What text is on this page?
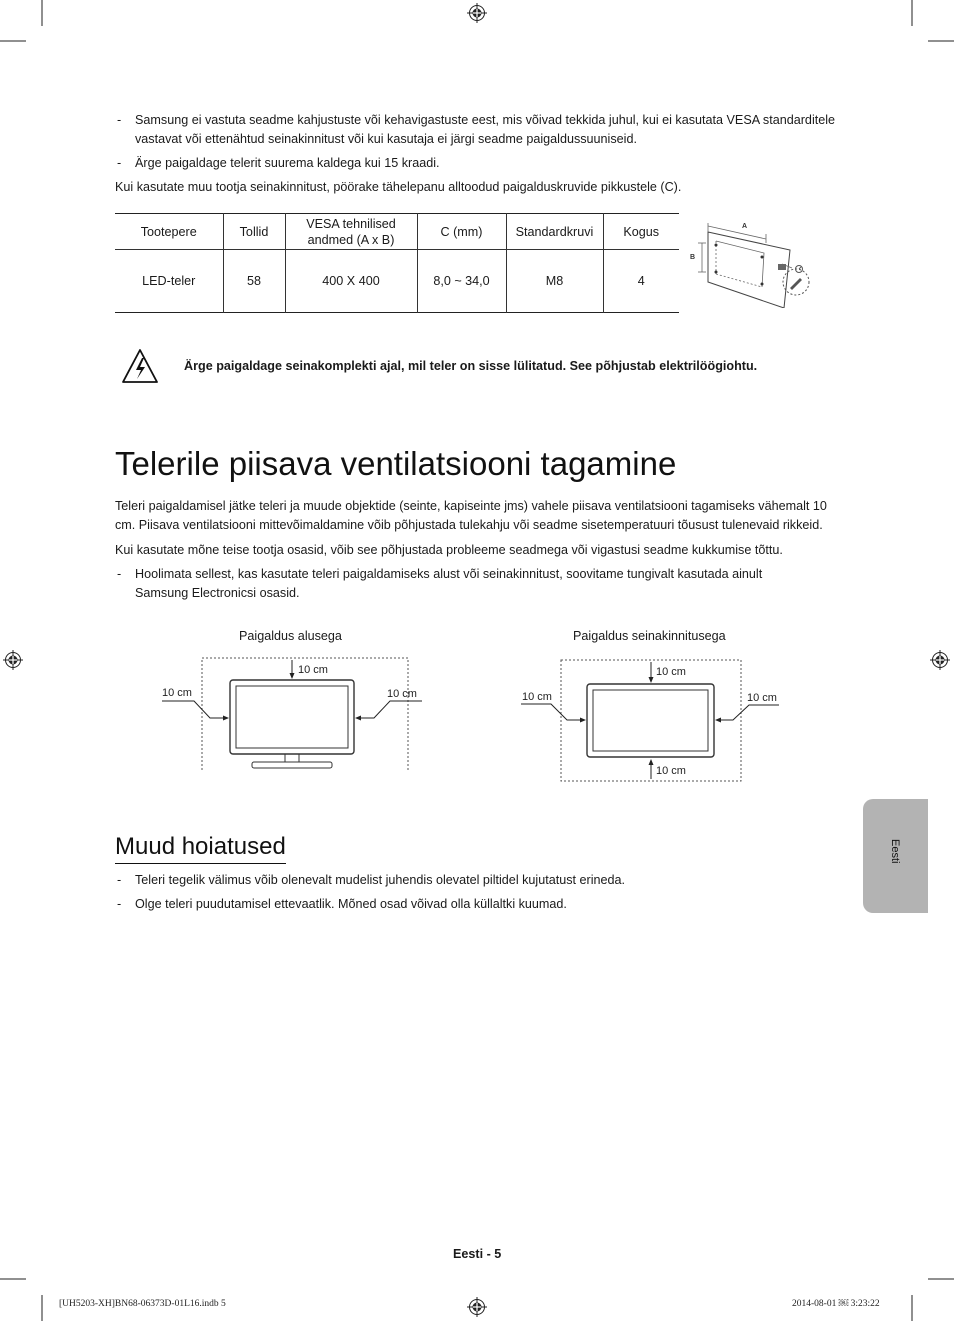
- Samsung ei vastuta seadme kahjustuste või kehavigastuste eest, mis võivad tekkida juhul, kui ei kasutata VESA standarditele vastavat või ettenähtud seinakinnitust või kui kasutaja ei järgi seadme paigaldussuuniseid.
- Ärge paigaldage telerit suurema kaldega kui 15 kraadi.
Kui kasutate muu tootja seinakinnitust, pöörake tähelepanu alltoodud paigalduskruvide pikkustele (C).
Tootepere	Tollid	VESA tehnilised andmed (A x B)	C (mm)	Standardkruvi	Kogus
LED-teler	58	400 X 400	8,0 ~ 34,0	M8	4
A
B
Ärge paigaldage seinakomplekti ajal, mil teler on sisse lülitatud. See põhjustab elektrilöögiohtu.
Telerile piisava ventilatsiooni tagamine
Teleri paigaldamisel jätke teleri ja muude objektide (seinte, kapiseinte jms) vahele piisava ventilatsiooni tagamiseks vähemalt 10 cm. Piisava ventilatsiooni mittevõimaldamine võib põhjustada tulekahju või seadme sisetemperatuuri tõusust tulenevaid rikkeid.
Kui kasutate mõne teise tootja osasid, võib see põhjustada probleeme seadmega või vigastusi seadme kukkumise tõttu.
- Hoolimata sellest, kas kasutate teleri paigaldamiseks alust või seinakinnitust, soovitame tungivalt kasutada ainult Samsung Electronicsi osasid.
Paigaldus alusega
10 cm
10 cm	10 cm
Paigaldus seinakinnitusega
10 cm
10 cm	10 cm
10 cm
Muud hoiatused
- Teleri tegelik välimus võib olenevalt mudelist juhendis olevatel piltidel kujutatust erineda.
- Olge teleri puudutamisel ettevaatlik. Mõned osad võivad olla küllaltki kuumad.
Eesti
Eesti - 5
[UH5203-XH]BN68-06373D-01L16.indb 5	2014-08-01 ￼ 3:23:22
